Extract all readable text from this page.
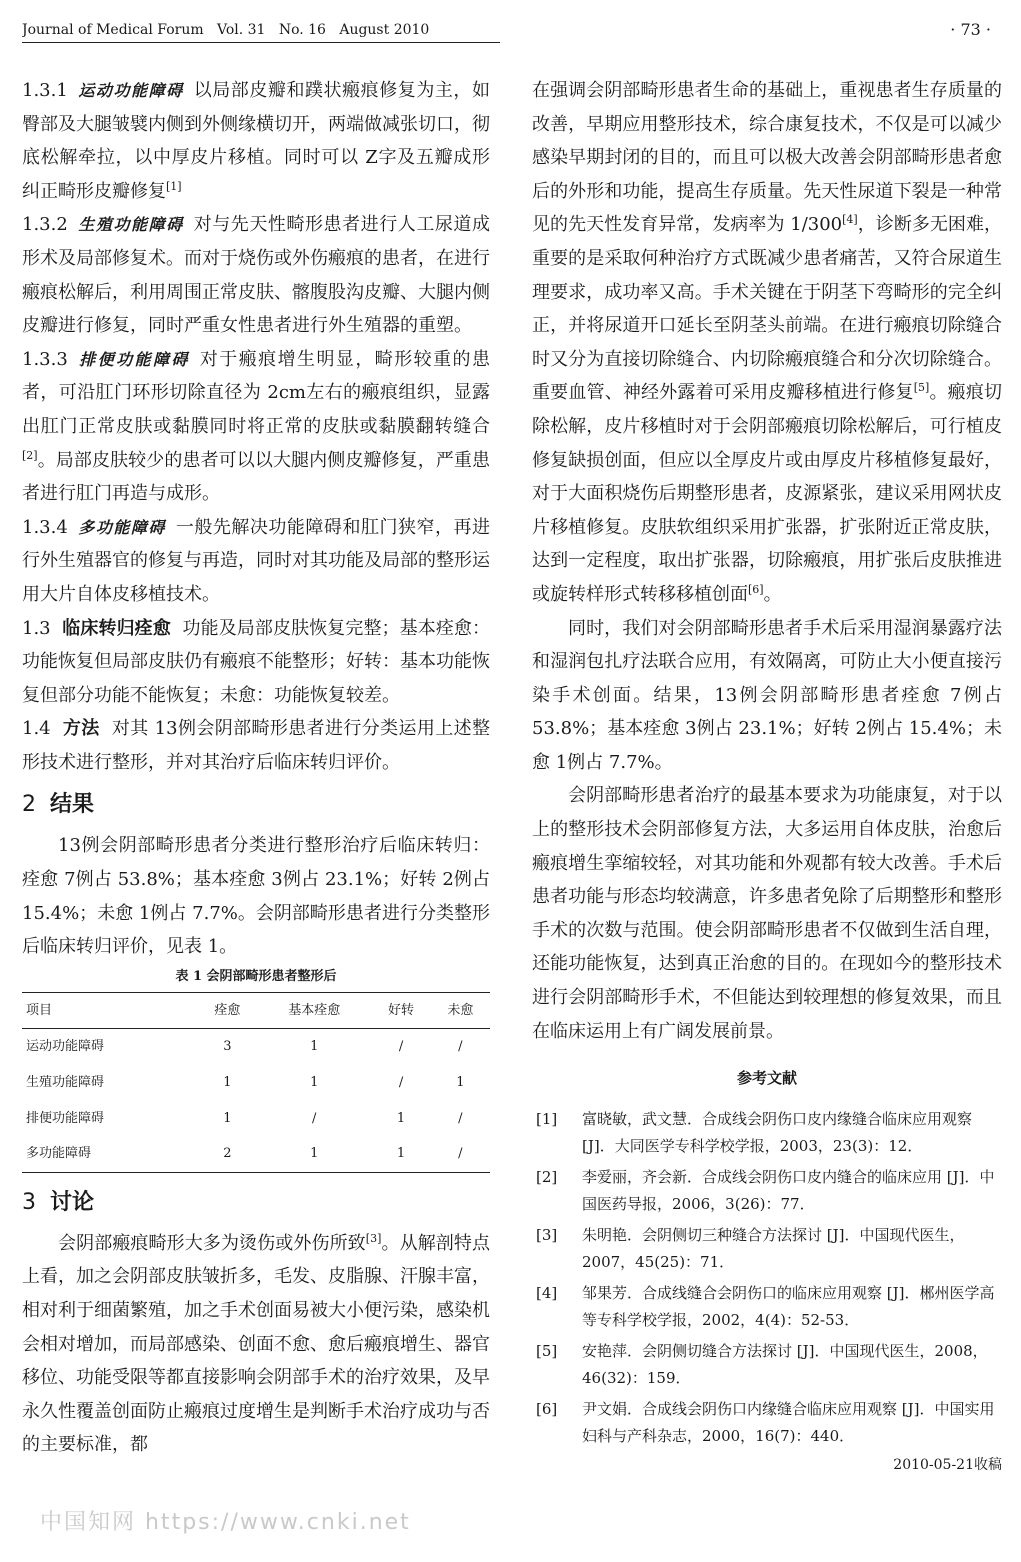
Journal of Medical Forum Vol. 31 No. 16 August 2010	· 73 ·

1.3.1 运动功能障碍 以局部皮瓣和蹼状瘢痕修复为主，如臀部及大腿皱襞内侧到外侧缘横切开，两端做减张切口，彻底松解牵拉，以中厚皮片移植。同时可以 Z字及五瓣成形纠正畸形皮瓣修复[1]

1.3.2 生殖功能障碍 对与先天性畸形患者进行人工尿道成形术及局部修复术。而对于烧伤或外伤瘢痕的患者，在进行瘢痕松解后，利用周围正常皮肤、髂腹股沟皮瓣、大腿内侧皮瓣进行修复，同时严重女性患者进行外生殖器的重塑。

1.3.3 排便功能障碍 对于瘢痕增生明显，畸形较重的患者，可沿肛门环形切除直径为 2cm左右的瘢痕组织，显露出肛门正常皮肤或黏膜同时将正常的皮肤或黏膜翻转缝合[2]。局部皮肤较少的患者可以以大腿内侧皮瓣修复，严重患者进行肛门再造与成形。

1.3.4 多功能障碍 一般先解决功能障碍和肛门狭窄，再进行外生殖器官的修复与再造，同时对其功能及局部的整形运用大片自体皮移植技术。

1.3 临床转归痊愈 功能及局部皮肤恢复完整；基本痊愈：功能恢复但局部皮肤仍有瘢痕不能整形；好转：基本功能恢复但部分功能不能恢复；未愈：功能恢复较差。

1.4 方法 对其 13例会阴部畸形患者进行分类运用上述整形技术进行整形，并对其治疗后临床转归评价。

2 结果

13例会阴部畸形患者分类进行整形治疗后临床转归：痊愈 7例占 53.8%；基本痊愈 3例占 23.1%；好转 2例占 15.4%；未愈 1例占 7.7%。会阴部畸形患者进行分类整形后临床转归评价，见表 1。

表 1 会阴部畸形患者整形后
项目	痊愈	基本痊愈	好转	未愈
运动功能障碍	3	1	/	/
生殖功能障碍	1	1	/	1
排便功能障碍	1	/	1	/
多功能障碍	2	1	1	/
3 讨论

会阴部瘢痕畸形大多为烫伤或外伤所致[3]。从解剖特点上看，加之会阴部皮肤皱折多，毛发、皮脂腺、汗腺丰富，相对利于细菌繁殖，加之手术创面易被大小便污染，感染机会相对增加，而局部感染、创面不愈、愈后瘢痕增生、器官移位、功能受限等都直接影响会阴部手术的治疗效果，及早永久性覆盖创面防止瘢痕过度增生是判断手术治疗成功与否的主要标准，都

在强调会阴部畸形患者生命的基础上，重视患者生存质量的改善，早期应用整形技术，综合康复技术，不仅是可以减少感染早期封闭的目的，而且可以极大改善会阴部畸形患者愈后的外形和功能，提高生存质量。先天性尿道下裂是一种常见的先天性发育异常，发病率为 1/300[4]，诊断多无困难，重要的是采取何种治疗方式既减少患者痛苦，又符合尿道生理要求，成功率又高。手术关键在于阴茎下弯畸形的完全纠正，并将尿道开口延长至阴茎头前端。在进行瘢痕切除缝合时又分为直接切除缝合、内切除瘢痕缝合和分次切除缝合。重要血管、神经外露着可采用皮瓣移植进行修复[5]。瘢痕切除松解，皮片移植时对于会阴部瘢痕切除松解后，可行植皮修复缺损创面，但应以全厚皮片或由厚皮片移植修复最好，对于大面积烧伤后期整形患者，皮源紧张，建议采用网状皮片移植修复。皮肤软组织采用扩张器，扩张附近正常皮肤，达到一定程度，取出扩张器，切除瘢痕，用扩张后皮肤推进或旋转样形式转移移植创面[6]。

同时，我们对会阴部畸形患者手术后采用湿润暴露疗法和湿润包扎疗法联合应用，有效隔离，可防止大小便直接污染手术创面。结果，13例会阴部畸形患者痊愈 7例占 53.8%；基本痊愈 3例占 23.1%；好转 2例占 15.4%；未愈 1例占 7.7%。

会阴部畸形患者治疗的最基本要求为功能康复，对于以上的整形技术会阴部修复方法，大多运用自体皮肤，治愈后瘢痕增生挛缩较轻，对其功能和外观都有较大改善。手术后患者功能与形态均较满意，许多患者免除了后期整形和整形手术的次数与范围。使会阴部畸形患者不仅做到生活自理，还能功能恢复，达到真正治愈的目的。在现如今的整形技术进行会阴部畸形手术，不但能达到较理想的修复效果，而且在临床运用上有广阔发展前景。

参考文献
[1] 富晓敏，武文慧．合成线会阴伤口皮内缘缝合临床应用观察 [J]．大同医学专科学校学报，2003，23(3)：12．
[2] 李爱丽，齐会新．合成线会阴伤口皮内缝合的临床应用 [J]．中国医药导报，2006，3(26)：77．
[3] 朱明艳．会阴侧切三种缝合方法探讨 [J]．中国现代医生，2007，45(25)：71．
[4] 邹果芳．合成线缝合会阴伤口的临床应用观察 [J]．郴州医学高等专科学校学报，2002，4(4)：52-53．
[5] 安艳萍．会阴侧切缝合方法探讨 [J]．中国现代医生，2008，46(32)：159．
[6] 尹文娟．合成线会阴伤口内缘缝合临床应用观察 [J]．中国实用妇科与产科杂志，2000，16(7)：440．
2010-05-21收稿
中国知网 https://www.cnki.net
